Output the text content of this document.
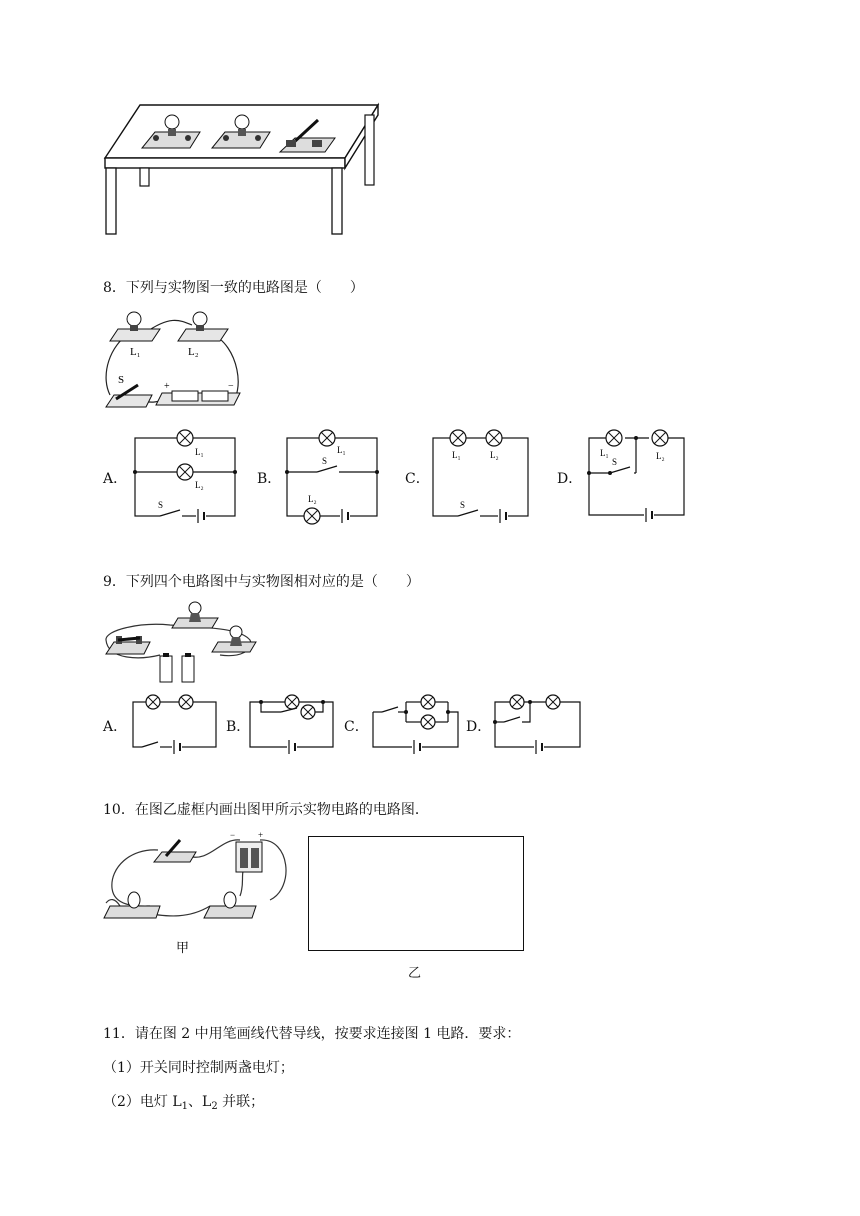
8．下列与实物图一致的电路图是（　　）
L₁	L₂
S
+	−
A．
L₁
L₂
S
B．
L₁
S
L₂
C．
L₁	L₂
S
D．
L₁	L₂
S
9．下列四个电路图中与实物图相对应的是（　　）
A．	B．	C．	D．
10．在图乙虚框内画出图甲所示实物电路的电路图．
−	+
甲
乙
11．请在图 2 中用笔画线代替导线，按要求连接图 1 电路．要求：
（1）开关同时控制两盏电灯；
（2）电灯 $L_1$、$L_2$ 并联；
